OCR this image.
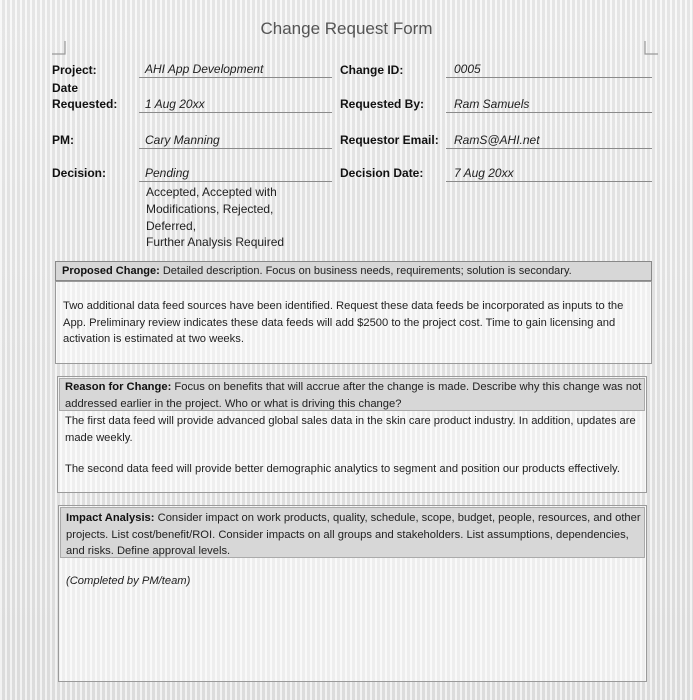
Change Request Form
Project:
Date
Requested:
PM:
Decision:
AHI App Development
1 Aug 20xx
Cary Manning
Pending
Accepted, Accepted with
Modifications, Rejected,
Deferred,
Further Analysis Required
Change ID:
Requested By:
Requestor Email:
Decision Date:
0005
Ram Samuels
RamS@AHI.net
7 Aug 20xx
Proposed Change: Detailed description. Focus on business needs, requirements; solution is secondary.
Two additional data feed sources have been identified. Request these data feeds be incorporated as inputs to the App. Preliminary review indicates these data feeds will add $2500 to the project cost. Time to gain licensing and activation is estimated at two weeks.
Reason for Change: Focus on benefits that will accrue after the change is made. Describe why this change was not addressed earlier in the project. Who or what is driving this change?
The first data feed will provide advanced global sales data in the skin care product industry. In addition, updates are made weekly.
The second data feed will provide better demographic analytics to segment and position our products effectively.
Impact Analysis: Consider impact on work products, quality, schedule, scope, budget, people, resources, and other projects. List cost/benefit/ROI. Consider impacts on all groups and stakeholders. List assumptions, dependencies, and risks. Define approval levels.
(Completed by PM/team)
